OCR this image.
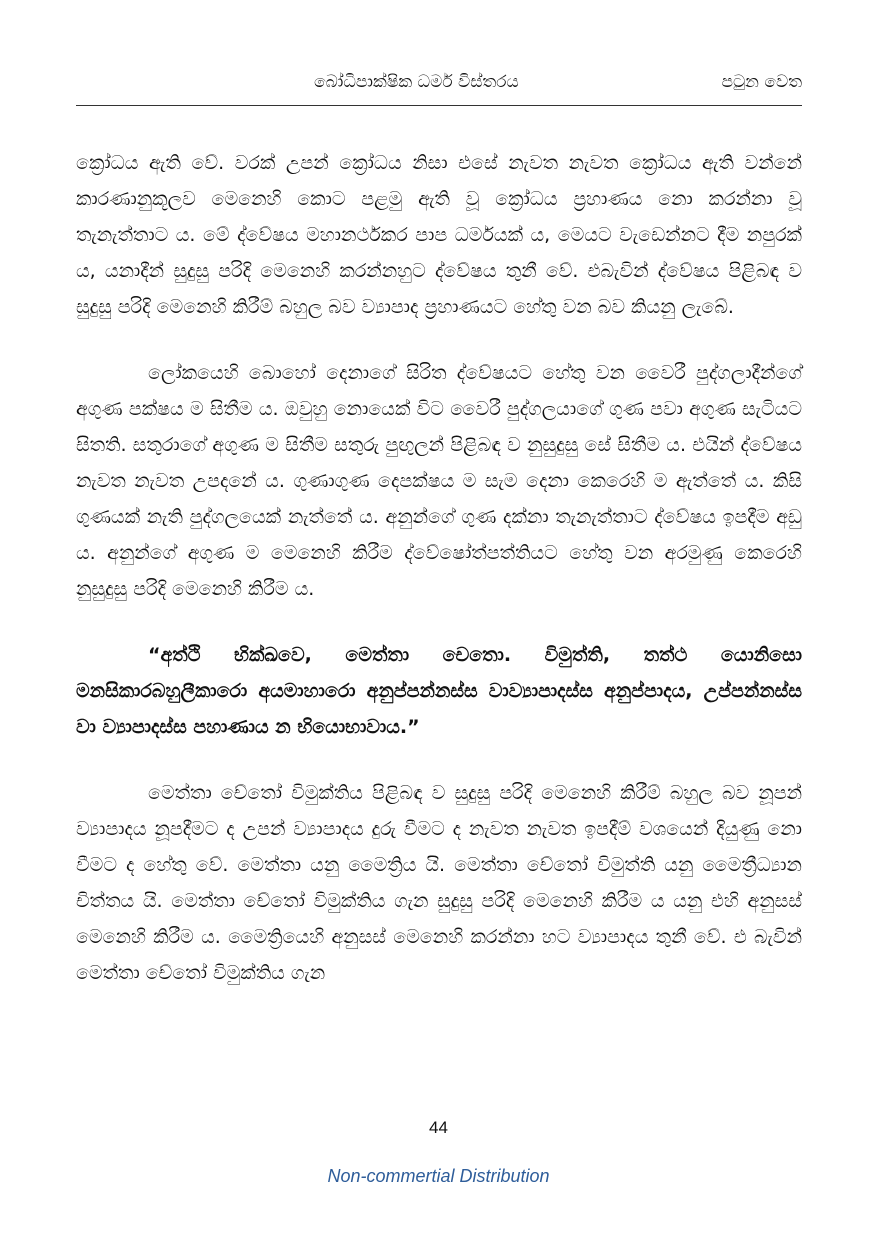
බෝධිපාක්ෂික ධර්ම විස්තරය	පටුන වෙත

ක්‍රෝධය ඇති වේ. වරක් උපන් ක්‍රෝධය නිසා එසේ නැවත නැවත ක්‍රෝධය ඇති වන්නේ කාරණානුකූලව මෙනෙහි කොට පළමු ඇති වූ ක්‍රෝධය ප්‍රහාණය නො කරන්නා වූ තැනැත්තාට ය. මේ ද්වේෂය මහානර්ථකර පාප ධර්මයක් ය, මෙයට වැඩෙන්නට දීම නපුරක් ය, යනාදීන් සුදුසු පරිදි මෙනෙහි කරන්නහුට ද්වේෂය තුනී වේ. එබැවින් ද්වේෂය පිළිබඳ ව සුදුසු පරිදි මෙනෙහි කිරීම් බහුල බව ව්‍යාපාද ප්‍රහාණයට හේතු වන බව කියනු ලැබේ.

ලෝකයෙහි බොහෝ දෙනාගේ සිරිත ද්වේෂයට හේතු වන වෛරී පුද්ගලාදීන්ගේ අගුණ පක්ෂය ම සිතීම ය. ඔවුහු නොයෙක් විට වෛරී පුද්ගලයාගේ ගුණ පවා අගුණ සැටියට සිතති. සතුරාගේ අගුණ ම සිතීම සතුරු පුඟුලන් පිළිබඳ ව නුසුදුසු සේ සිතීම ය. එයින් ද්වේෂය නැවත නැවත උපදනේ ය. ගුණාගුණ දෙපක්ෂය ම සැම දෙනා කෙරෙහි ම ඇත්තේ ය. කිසි ගුණයක් නැති පුද්ගලයෙක් නැත්තේ ය. අනුන්ගේ ගුණ දක්නා තැනැත්තාට ද්වේෂය ඉපදීම අඩු ය. අනුන්ගේ අගුණ ම මෙනෙහි කිරීම ද්වේෂෝත්පත්තියට හේතු වන අරමුණු කෙරෙහි නුසුදුසු පරිදි මෙනෙහි කිරීම ය.

“අත්ථි භික්ඛවෙ, මෙත්තා චෙතො. විමුත්ති, තත්ථ යොනිසො මනසිකාරබහුලීකාරො අයමාහාරො අනුප්පන්නස්ස වාව්‍යාපාදස්ස අනුප්පාදය, උප්පන්නස්ස වා ව්‍යාපාදස්ස පහාණාය න භියොභාවාය.”

මෙත්තා චේතෝ විමුක්තිය පිළිබඳ ව සුදුසු පරිදි මෙනෙහි කිරීම් බහුල බව නූපන් ව්‍යාපාදය නූපදීමට ද උපන් ව්‍යාපාදය දුරු වීමට ද නැවත නැවත ඉපදීම් වශයෙන් දියුණු නො වීමට ද හේතු වේ. මෙත්තා යනු මෛත්‍රිය යි. මෙත්තා චේතෝ විමුත්ති යනු මෛත්‍රීධ්‍යාන චිත්තය යි. මෙත්තා චේතෝ විමුක්තිය ගැන සුදුසු පරිදි මෙනෙහි කිරීම ය යනු එහි අනුසස් මෙනෙහි කිරීම ය. මෛත්‍රියෙහි අනුසස් මෙනෙහි කරන්නා හට ව්‍යාපාදය තුනී වේ. එ බැවින් මෙත්තා චේතෝ විමුක්තිය ගැන

44
Non-commertial Distribution
